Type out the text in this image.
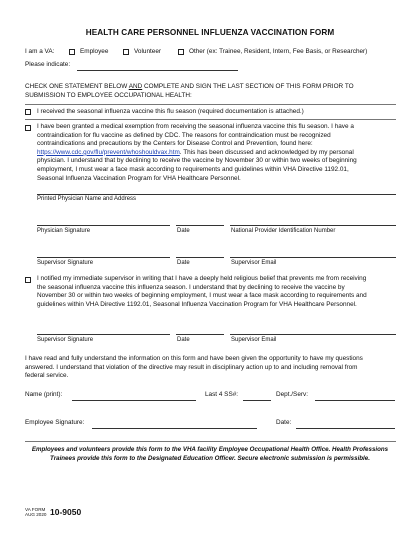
HEALTH CARE PERSONNEL INFLUENZA VACCINATION FORM
I am a VA:	Employee	Volunteer	Other (ex: Trainee, Resident, Intern, Fee Basis, or Researcher)
Please indicate:
CHECK ONE STATEMENT BELOW AND COMPLETE AND SIGN THE LAST SECTION OF THIS FORM PRIOR TO
SUBMISSION TO EMPLOYEE OCCUPATIONAL HEALTH:
I received the seasonal influenza vaccine this flu season (required documentation is attached.)
I have been granted a medical exemption from receiving the seasonal influenza vaccine this flu season. I have a
contraindication for flu vaccine as defined by CDC. The reasons for contraindication must be recognized
contraindications and precautions by the Centers for Disease Control and Prevention, found here:
https://www.cdc.gov/flu/prevent/whoshouldvax.htm. This has been discussed and acknowledged by my personal
physician. I understand that by declining to receive the vaccine by November 30 or within two weeks of beginning
employment, I must wear a face mask according to requirements and guidelines within VHA Directive 1192.01,
Seasonal Influenza Vaccination Program for VHA Healthcare Personnel.
Printed Physician Name and Address
Physician Signature	Date	National Provider Identification Number
Supervisor Signature	Date	Supervisor Email
I notified my immediate supervisor in writing that I have a deeply held religious belief that prevents me from receiving
the seasonal influenza vaccine this influenza season. I understand that by declining to receive the vaccine by
November 30 or within two weeks of beginning employment, I must wear a face mask according to requirements and
guidelines within VHA Directive 1192.01, Seasonal Influenza Vaccination Program for VHA Healthcare Personnel.
Supervisor Signature	Date	Supervisor Email
I have read and fully understand the information on this form and have been given the opportunity to have my questions
answered. I understand that violation of the directive may result in disciplinary action up to and including removal from
federal service.
Name (print):	Last 4 SS#:	Dept./Serv:
Employee Signature:	Date:
Employees and volunteers provide this form to the VHA facility Employee Occupational Health Office. Health Professions
Trainees provide this form to the Designated Education Officer. Secure electronic submission is permissible.
VA FORM
AUG 2020 10-9050
